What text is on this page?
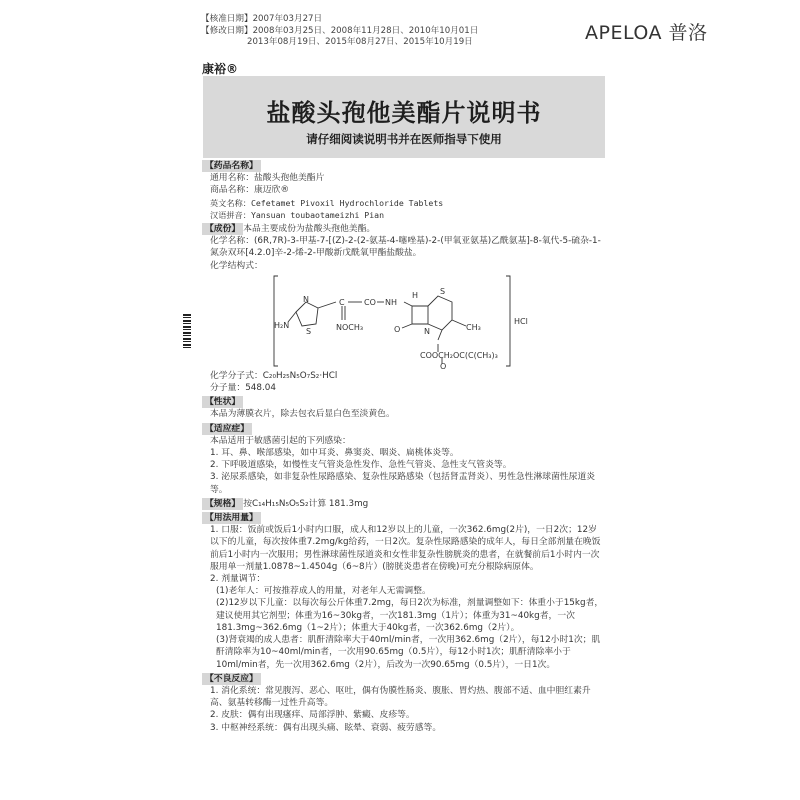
【核准日期】2007年03月27日
【修改日期】2008年03月25日、2008年11月28日、2010年10月01日
2013年08月19日、2015年08月27日、2015年10月19日	APELOA 普洛
康裕®
盐酸头孢他美酯片说明书
请仔细阅读说明书并在医师指导下使用
【药品名称】

通用名称：盐酸头孢他美酯片

商品名称：康迈欣®

英文名称：Cefetamet Pivoxil Hydrochloride Tablets

汉语拼音：Yansuan toubaotameizhi Pian

【成份】 本品主要成份为盐酸头孢他美酯。

化学名称：(6R,7R)-3-甲基-7-[(Z)-2-(2-氨基-4-噻唑基)-2-(甲氧亚氨基)乙酰氨基]-8-氧代-5-硫杂-1-氮杂双环[4.2.0]辛-2-烯-2-甲酸新戊酰氧甲酯盐酸盐。

化学结构式：

H₂N
N
S
C CO NH
H	S
NOCH₃	N
O	CH₃
COOCH₂OC(C(CH₃)₃
O
HCl

化学分子式：C₂₀H₂₅N₅O₇S₂·HCl

分子量：548.04

【性状】

本品为薄膜衣片，除去包衣后显白色至淡黄色。

【适应症】

本品适用于敏感菌引起的下列感染：

1. 耳、鼻、喉部感染，如中耳炎、鼻窦炎、咽炎、扁桃体炎等。

2. 下呼吸道感染，如慢性支气管炎急性发作、急性气管炎、急性支气管炎等。

3. 泌尿系感染，如非复杂性尿路感染、复杂性尿路感染（包括肾盂肾炎）、男性急性淋球菌性尿道炎等。

【规格】 按C₁₄H₁₅N₅O₅S₂计算 181.3mg

【用法用量】

1. 口服：饭前或饭后1小时内口服，成人和12岁以上的儿童，一次362.6mg(2片)，一日2次；12岁以下的儿童，每次按体重7.2mg/kg给药，一日2次。复杂性尿路感染的成年人，每日全部剂量在晚饭前后1小时内一次服用；男性淋球菌性尿道炎和女性非复杂性膀胱炎的患者，在就餐前后1小时内一次服用单一剂量1.0878~1.4504g（6~8片）(膀胱炎患者在傍晚)可充分根除病原体。

2. 剂量调节：

(1)老年人：可按推荐成人的用量，对老年人无需调整。

(2)12岁以下儿童：以每次每公斤体重7.2mg，每日2次为标准，剂量调整如下：体重小于15kg者，建议使用其它剂型；体重为16~30kg者，一次181.3mg（1片）；体重为31~40kg者，一次181.3mg~362.6mg（1~2片）；体重大于40kg者，一次362.6mg（2片）。

(3)肾衰竭的成人患者：肌酐清除率大于40ml/min者，一次用362.6mg（2片），每12小时1次；肌酐清除率为10~40ml/min者，一次用90.65mg（0.5片），每12小时1次；肌酐清除率小于10ml/min者，先一次用362.6mg（2片），后改为一次90.65mg（0.5片），一日1次。

【不良反应】

1. 消化系统：常见腹泻、恶心、呕吐，偶有伪膜性肠炎、腹胀、胃灼热、腹部不适、血中胆红素升高、氨基转移酶一过性升高等。

2. 皮肤：偶有出现瘙痒、局部浮肿、紫癜、皮疹等。

3. 中枢神经系统：偶有出现头痛、眩晕、衰弱、疲劳感等。
